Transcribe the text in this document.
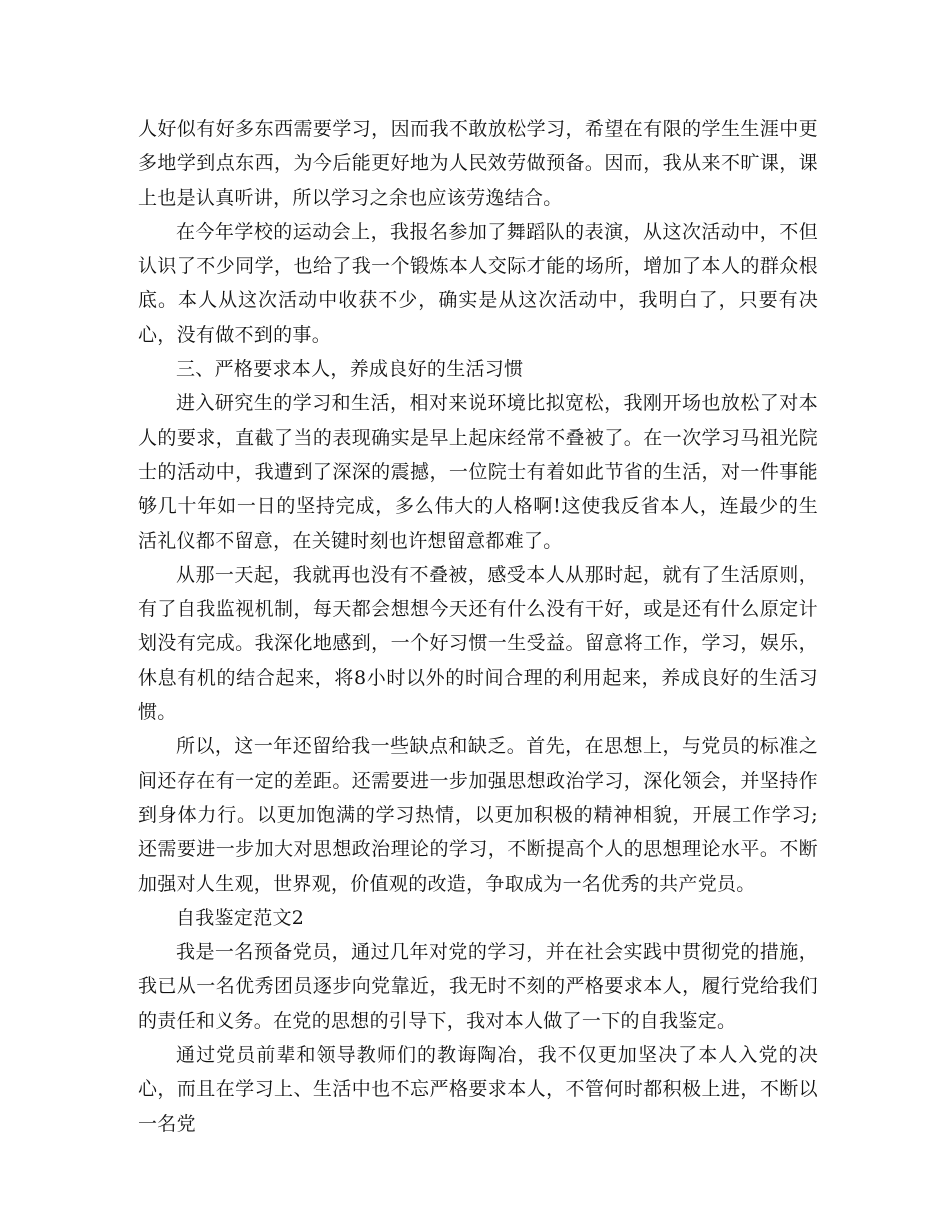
人好似有好多东西需要学习，因而我不敢放松学习，希望在有限的学生生涯中更多地学到点东西，为今后能更好地为人民效劳做预备。因而，我从来不旷课，课上也是认真听讲，所以学习之余也应该劳逸结合。

在今年学校的运动会上，我报名参加了舞蹈队的表演，从这次活动中，不但认识了不少同学，也给了我一个锻炼本人交际才能的场所，增加了本人的群众根底。本人从这次活动中收获不少，确实是从这次活动中，我明白了，只要有决心，没有做不到的事。

三、严格要求本人，养成良好的生活习惯

进入研究生的学习和生活，相对来说环境比拟宽松，我刚开场也放松了对本人的要求，直截了当的表现确实是早上起床经常不叠被了。在一次学习马祖光院士的活动中，我遭到了深深的震撼，一位院士有着如此节省的生活，对一件事能够几十年如一日的坚持完成，多么伟大的人格啊!这使我反省本人，连最少的生活礼仪都不留意，在关键时刻也许想留意都难了。

从那一天起，我就再也没有不叠被，感受本人从那时起，就有了生活原则，有了自我监视机制，每天都会想想今天还有什么没有干好，或是还有什么原定计划没有完成。我深化地感到，一个好习惯一生受益。留意将工作，学习，娱乐，休息有机的结合起来，将8小时以外的时间合理的利用起来，养成良好的生活习惯。

所以，这一年还留给我一些缺点和缺乏。首先，在思想上，与党员的标准之间还存在有一定的差距。还需要进一步加强思想政治学习，深化领会，并坚持作到身体力行。以更加饱满的学习热情，以更加积极的精神相貌，开展工作学习;还需要进一步加大对思想政治理论的学习，不断提高个人的思想理论水平。不断加强对人生观，世界观，价值观的改造，争取成为一名优秀的共产党员。

自我鉴定范文2

我是一名预备党员，通过几年对党的学习，并在社会实践中贯彻党的措施，我已从一名优秀团员逐步向党靠近，我无时不刻的严格要求本人，履行党给我们的责任和义务。在党的思想的引导下，我对本人做了一下的自我鉴定。

通过党员前辈和领导教师们的教诲陶冶，我不仅更加坚决了本人入党的决心，而且在学习上、生活中也不忘严格要求本人，不管何时都积极上进，不断以一名党
